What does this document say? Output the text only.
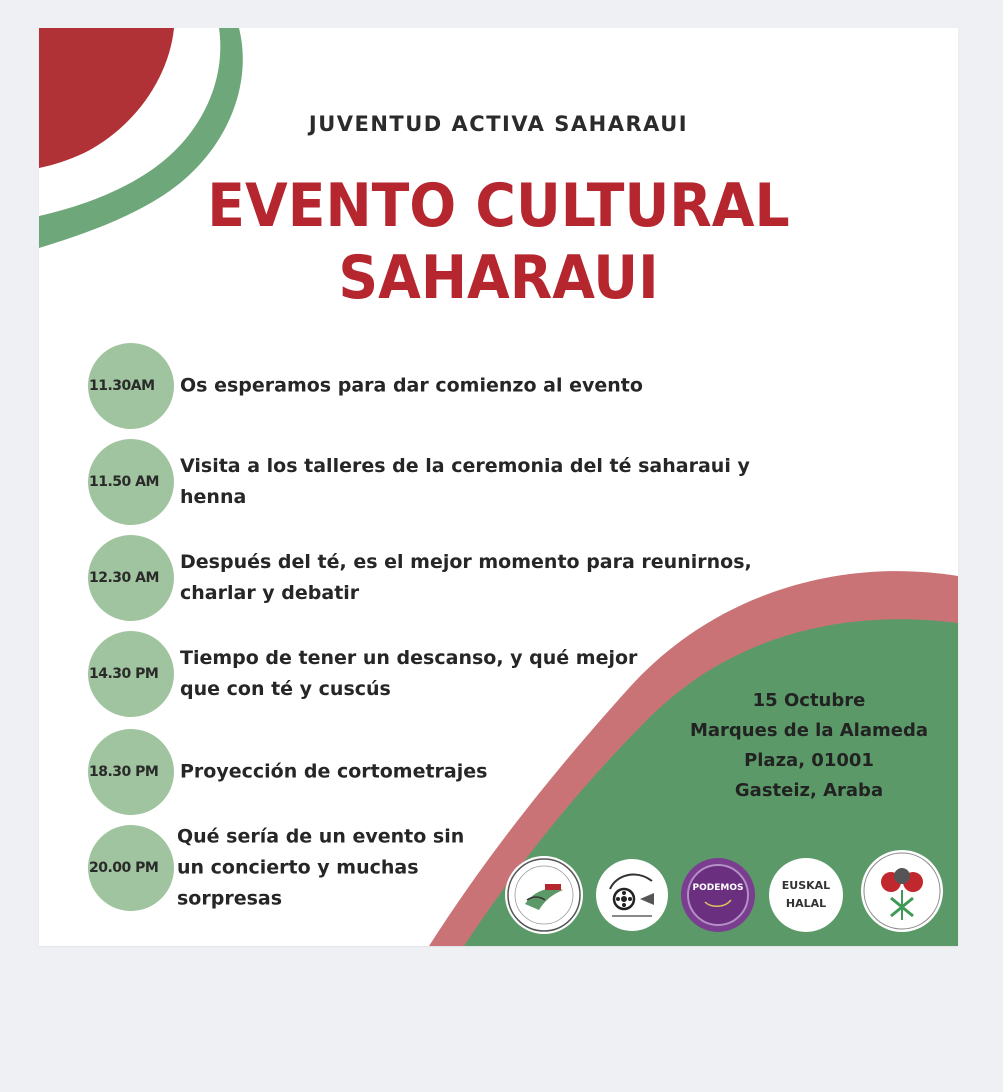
JUVENTUD ACTIVA SAHARAUI
EVENTO CULTURAL
SAHARAUI
11.30AM Os esperamos para dar comienzo al evento
11.50 AM
Visita a los talleres de la ceremonia del té saharaui y
henna
12.30 AM
Después del té, es el mejor momento para reunirnos,
charlar y debatir
14.30 PM
Tiempo de tener un descanso, y qué mejor
que con té y cuscús
18.30 PM Proyección de cortometrajes
20.00 PM
Qué sería de un evento sin
un concierto y muchas
sorpresas
15 Octubre
Marques de la Alameda
Plaza, 01001
Gasteiz, Araba
PODEMOS	EUSKAL
HALAL
